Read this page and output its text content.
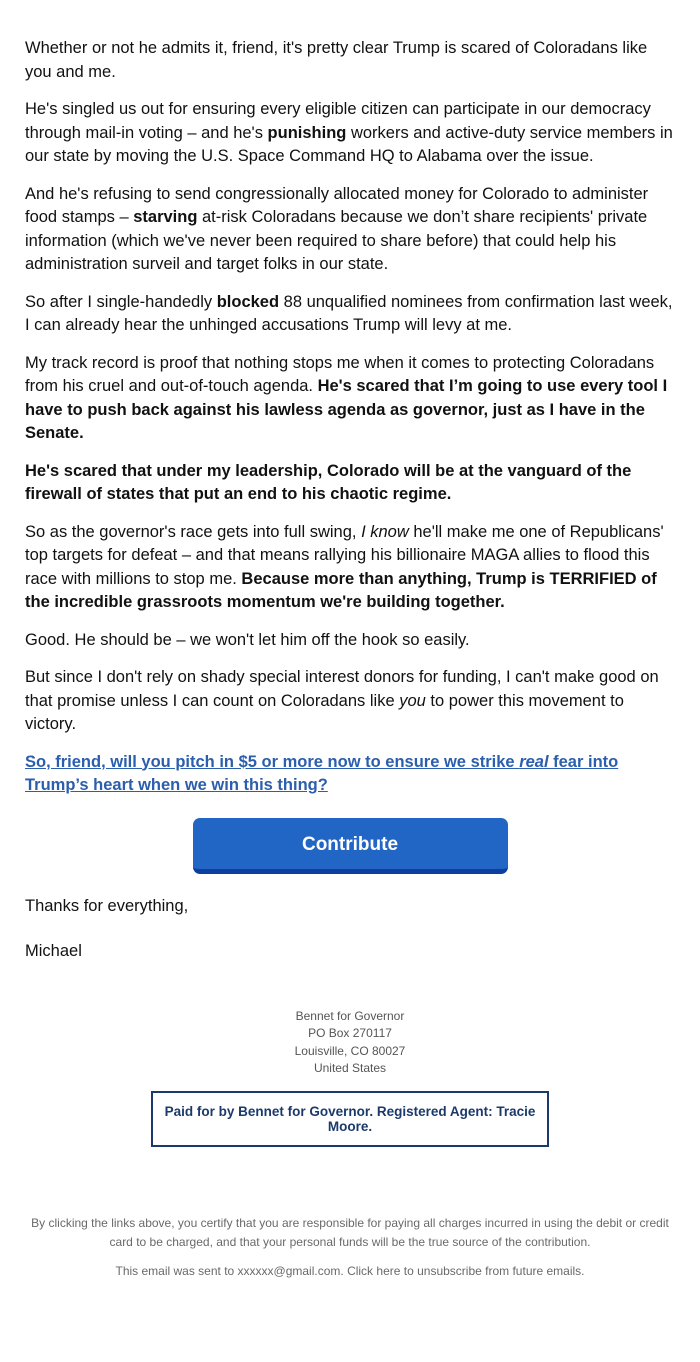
Whether or not he admits it, friend, it's pretty clear Trump is scared of Coloradans like you and me.

He's singled us out for ensuring every eligible citizen can participate in our democracy through mail-in voting – and he's punishing workers and active-duty service members in our state by moving the U.S. Space Command HQ to Alabama over the issue.

And he's refusing to send congressionally allocated money for Colorado to administer food stamps – starving at-risk Coloradans because we don’t share recipients' private information (which we've never been required to share before) that could help his administration surveil and target folks in our state.

So after I single-handedly blocked 88 unqualified nominees from confirmation last week, I can already hear the unhinged accusations Trump will levy at me.

My track record is proof that nothing stops me when it comes to protecting Coloradans from his cruel and out-of-touch agenda. He's scared that I’m going to use every tool I have to push back against his lawless agenda as governor, just as I have in the Senate.

He's scared that under my leadership, Colorado will be at the vanguard of the firewall of states that put an end to his chaotic regime.

So as the governor's race gets into full swing, I know he'll make me one of Republicans' top targets for defeat – and that means rallying his billionaire MAGA allies to flood this race with millions to stop me. Because more than anything, Trump is TERRIFIED of the incredible grassroots momentum we're building together.

Good. He should be – we won't let him off the hook so easily.

But since I don't rely on shady special interest donors for funding, I can't make good on that promise unless I can count on Coloradans like you to power this movement to victory.

So, friend, will you pitch in $5 or more now to ensure we strike real fear into Trump’s heart when we win this thing?

Contribute

Thanks for everything,

Michael

Bennet for Governor
PO Box 270117
Louisville, CO 80027
United States
Paid for by Bennet for Governor. Registered Agent: Tracie Moore.

By clicking the links above, you certify that you are responsible for paying all charges incurred in using the debit or credit card to be charged, and that your personal funds will be the true source of the contribution.

This email was sent to xxxxxx@gmail.com. Click here to unsubscribe from future emails.
